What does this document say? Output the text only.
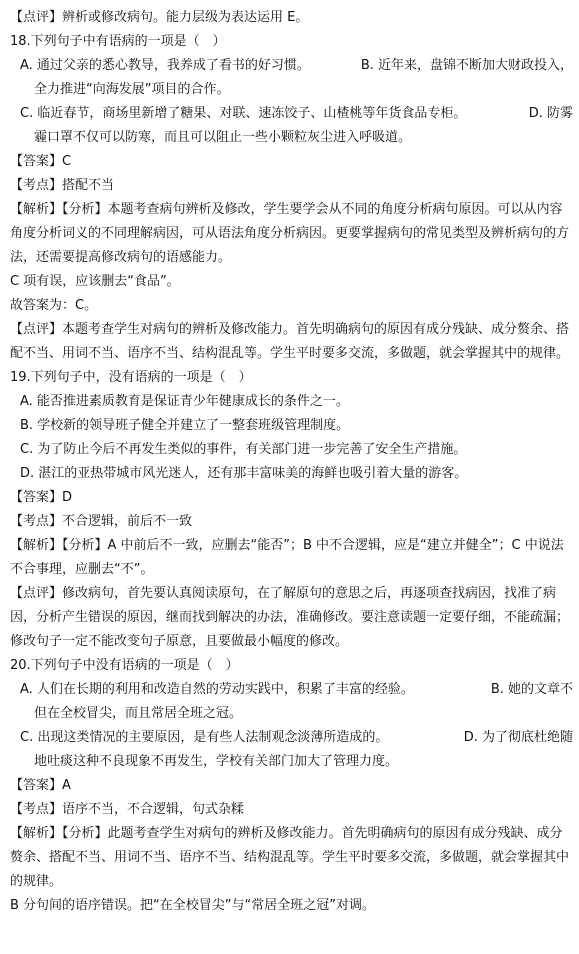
【点评】辨析或修改病句。能力层级为表达运用 E。
18.下列句子中有语病的一项是（　）
A. 通过父亲的悉心教导，我养成了看书的好习惯。	B. 近年来，盘锦不断加大财政投入，
全力推进“向海发展”项目的合作。
C. 临近春节，商场里新增了糖果、对联、速冻饺子、山楂桃等年货食品专柜。	D. 防雾
霾口罩不仅可以防寒，而且可以阻止一些小颗粒灰尘进入呼吸道。
【答案】C
【考点】搭配不当
【解析】【分析】本题考查病句辨析及修改，学生要学会从不同的角度分析病句原因。可以从内容角度分析词义的不同理解病因，可从语法角度分析病因。更要掌握病句的常见类型及辨析病句的方法，还需要提高修改病句的语感能力。
C 项有误，应该删去“食品”。
故答案为：C。
【点评】本题考查学生对病句的辨析及修改能力。首先明确病句的原因有成分残缺、成分赘余、搭配不当、用词不当、语序不当、结构混乱等。学生平时要多交流，多做题，就会掌握其中的规律。
19.下列句子中，没有语病的一项是（　）
A. 能否推进素质教育是保证青少年健康成长的条件之一。
B. 学校新的领导班子健全并建立了一整套班级管理制度。
C. 为了防止今后不再发生类似的事件，有关部门进一步完善了安全生产措施。
D. 湛江的亚热带城市风光迷人，还有那丰富味美的海鲜也吸引着大量的游客。
【答案】D
【考点】不合逻辑，前后不一致
【解析】【分析】A 中前后不一致，应删去“能否”；B 中不合逻辑，应是“建立并健全”；C 中说法不合事理，应删去“不”。
【点评】修改病句，首先要认真阅读原句，在了解原句的意思之后，再逐项查找病因，找准了病因，分析产生错误的原因，继而找到解决的办法，准确修改。要注意读题一定要仔细，不能疏漏；修改句子一定不能改变句子原意，且要做最小幅度的修改。
20.下列句子中没有语病的一项是（　）
A. 人们在长期的利用和改造自然的劳动实践中，积累了丰富的经验。	B. 她的文章不
但在全校冒尖，而且常居全班之冠。
C. 出现这类情况的主要原因，是有些人法制观念淡薄所造成的。	D. 为了彻底杜绝随
地吐痰这种不良现象不再发生，学校有关部门加大了管理力度。
【答案】A
【考点】语序不当，不合逻辑，句式杂糅
【解析】【分析】此题考查学生对病句的辨析及修改能力。首先明确病句的原因有成分残缺、成分赘余、搭配不当、用词不当、语序不当、结构混乱等。学生平时要多交流，多做题，就会掌握其中的规律。
B 分句间的语序错误。把“在全校冒尖”与“常居全班之冠”对调。
